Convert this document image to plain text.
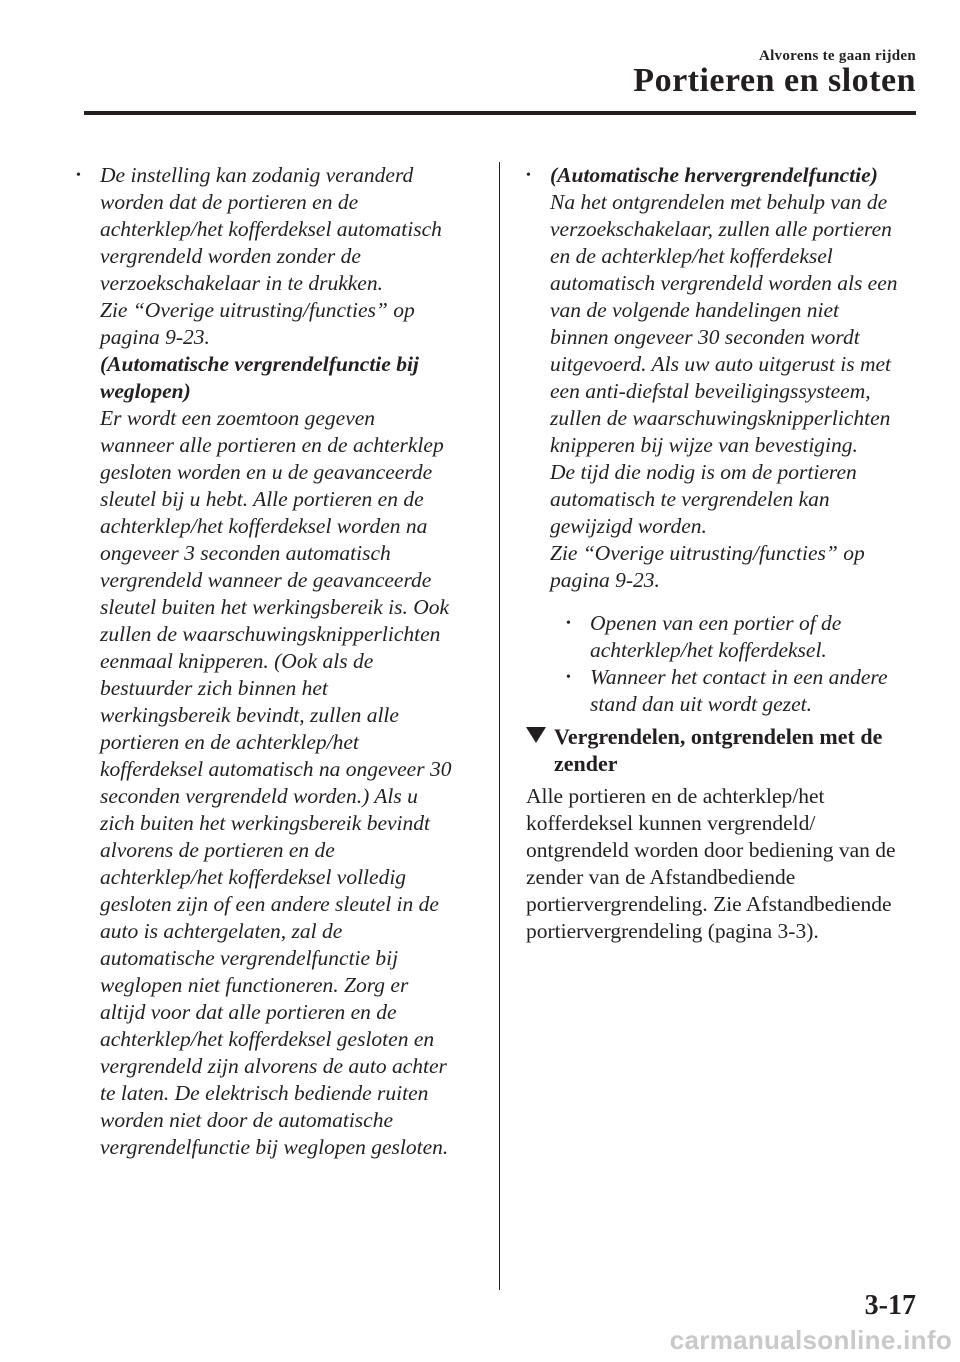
Alvorens te gaan rijden
Portieren en sloten
• De instelling kan zodanig veranderd
worden dat de portieren en de
achterklep/het kofferdeksel automatisch
vergrendeld worden zonder de
verzoekschakelaar in te drukken.
Zie “Overige uitrusting/functies” op
pagina 9-23.
(Automatische vergrendelfunctie bij
weglopen)
Er wordt een zoemtoon gegeven
wanneer alle portieren en de achterklep
gesloten worden en u de geavanceerde
sleutel bij u hebt. Alle portieren en de
achterklep/het kofferdeksel worden na
ongeveer 3 seconden automatisch
vergrendeld wanneer de geavanceerde
sleutel buiten het werkingsbereik is. Ook
zullen de waarschuwingsknipperlichten
eenmaal knipperen. (Ook als de
bestuurder zich binnen het
werkingsbereik bevindt, zullen alle
portieren en de achterklep/het
kofferdeksel automatisch na ongeveer 30
seconden vergrendeld worden.) Als u
zich buiten het werkingsbereik bevindt
alvorens de portieren en de
achterklep/het kofferdeksel volledig
gesloten zijn of een andere sleutel in de
auto is achtergelaten, zal de
automatische vergrendelfunctie bij
weglopen niet functioneren. Zorg er
altijd voor dat alle portieren en de
achterklep/het kofferdeksel gesloten en
vergrendeld zijn alvorens de auto achter
te laten. De elektrisch bediende ruiten
worden niet door de automatische
vergrendelfunctie bij weglopen gesloten.

• (Automatische hervergrendelfunctie)
Na het ontgrendelen met behulp van de
verzoekschakelaar, zullen alle portieren
en de achterklep/het kofferdeksel
automatisch vergrendeld worden als een
van de volgende handelingen niet
binnen ongeveer 30 seconden wordt
uitgevoerd. Als uw auto uitgerust is met
een anti-diefstal beveiligingssysteem,
zullen de waarschuwingsknipperlichten
knipperen bij wijze van bevestiging.
De tijd die nodig is om de portieren
automatisch te vergrendelen kan
gewijzigd worden.
Zie “Overige uitrusting/functies” op
pagina 9-23.

• Openen van een portier of de
achterklep/het kofferdeksel.

• Wanneer het contact in een andere
stand dan uit wordt gezet.

Vergrendelen, ontgrendelen met de
zender
Alle portieren en de achterklep/het
kofferdeksel kunnen vergrendeld/
ontgrendeld worden door bediening van de
zender van de Afstandbediende
portiervergrendeling. Zie Afstandbediende
portiervergrendeling (pagina 3-3).
3-17
carmanualsonline.info
